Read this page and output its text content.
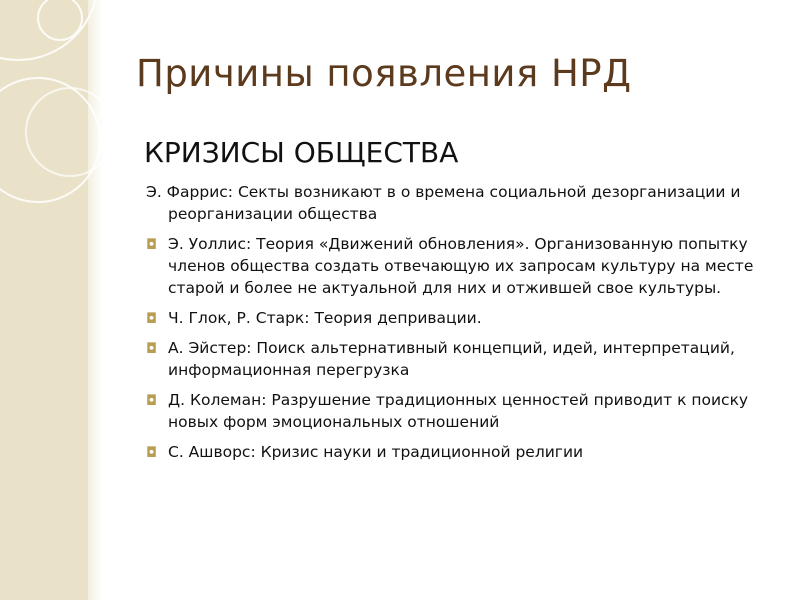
Причины появления НРД
КРИЗИСЫ ОБЩЕСТВА
Э. Фаррис: Секты возникают в о времена социальной дезорганизации и реорганизации общества
◘ Э. Уоллис: Теория «Движений обновления». Организованную попытку членов общества создать отвечающую их запросам культуру на месте старой и более не актуальной для них и отжившей свое культуры.
◘ Ч. Глок, Р. Старк: Теория депривации.
◘ А. Эйстер: Поиск альтернативный концепций, идей, интерпретаций, информационная перегрузка
◘ Д. Колеман: Разрушение традиционных ценностей приводит к поиску новых форм эмоциональных отношений
◘ С. Ашворс: Кризис науки и традиционной религии
